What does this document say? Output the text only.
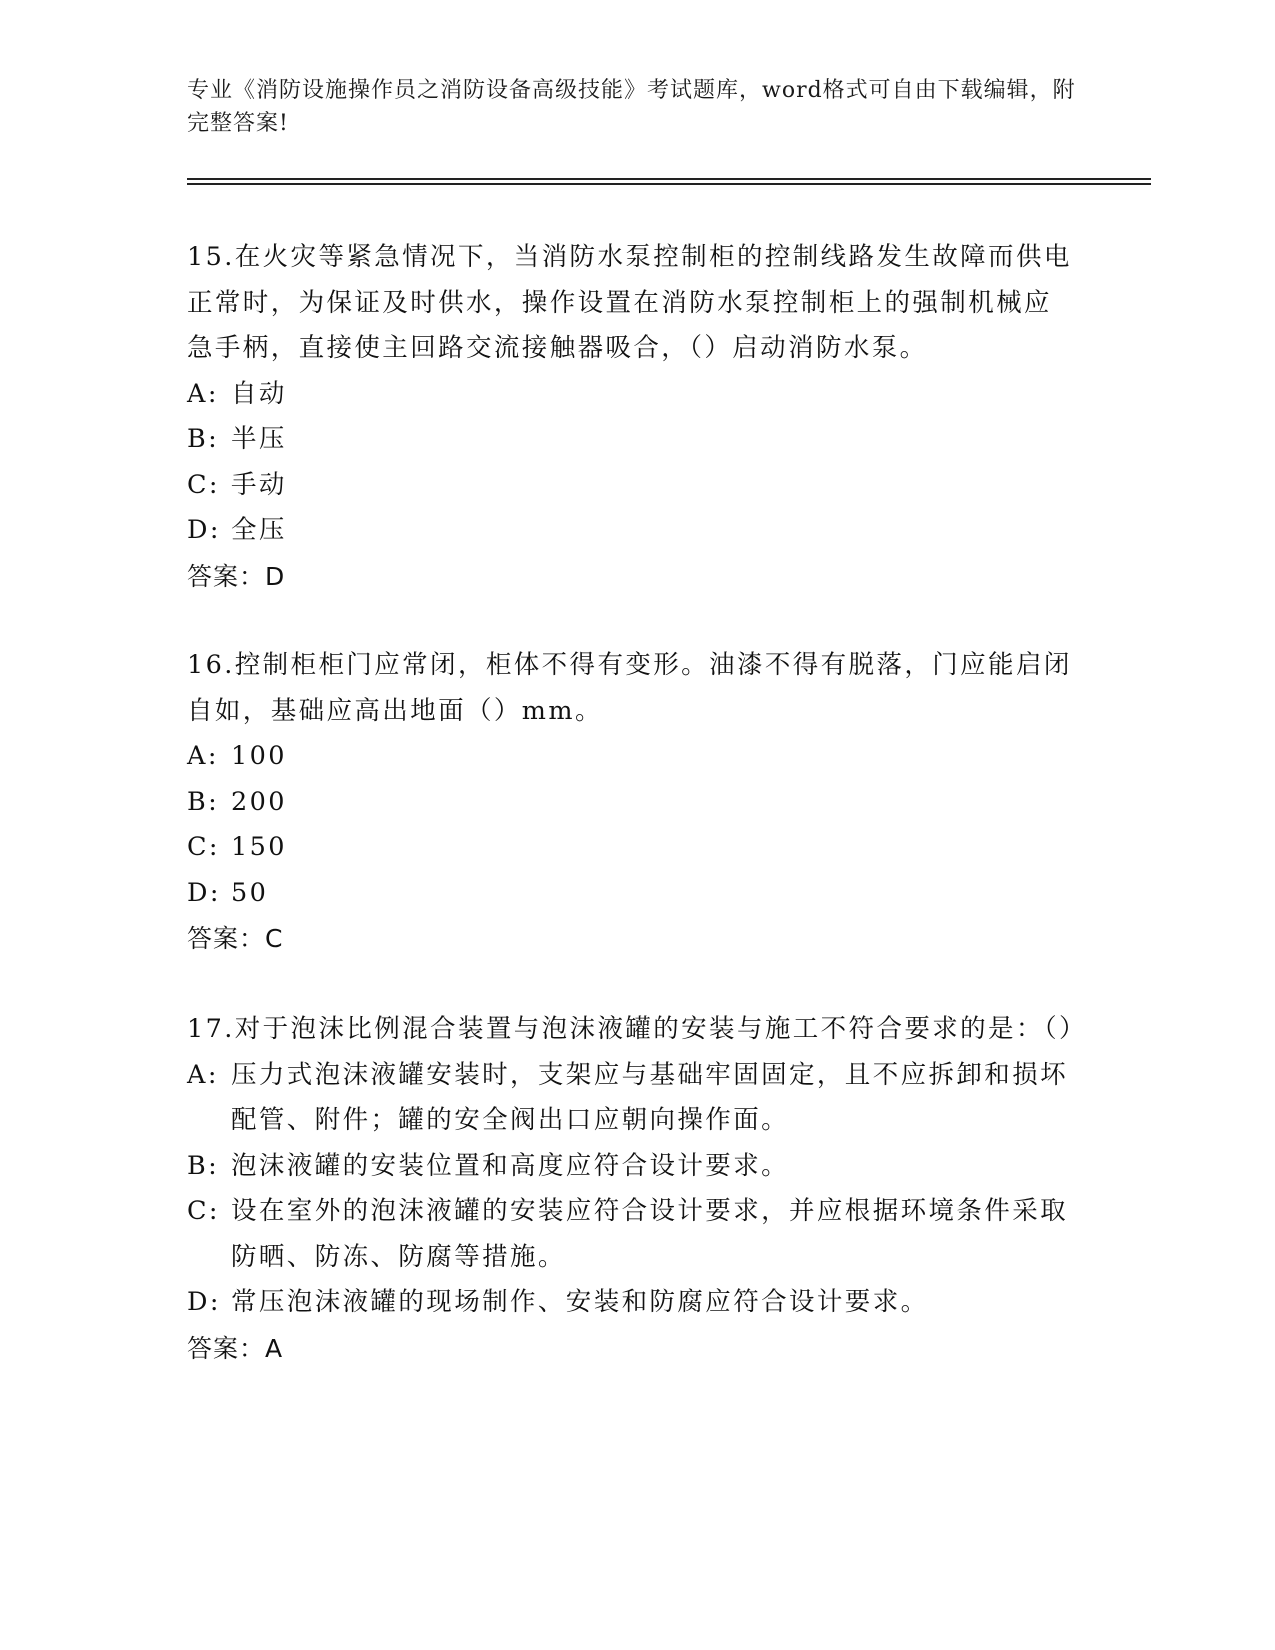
专业《消防设施操作员之消防设备高级技能》考试题库，word格式可自由下载编辑，附完整答案!

15.在火灾等紧急情况下，当消防水泵控制柜的控制线路发生故障而供电正常时，为保证及时供水，操作设置在消防水泵控制柜上的强制机械应急手柄，直接使主回路交流接触器吸合，（）启动消防水泵。

A: 自动

B: 半压

C: 手动

D: 全压

答案：D

16.控制柜柜门应常闭，柜体不得有变形。油漆不得有脱落，门应能启闭自如，基础应高出地面（）mm。

A: 100

B: 200

C: 150

D: 50

答案：C

17.对于泡沫比例混合装置与泡沫液罐的安装与施工不符合要求的是：（）

A: 压力式泡沫液罐安装时，支架应与基础牢固固定，且不应拆卸和损坏配管、附件；罐的安全阀出口应朝向操作面。

B: 泡沫液罐的安装位置和高度应符合设计要求。

C: 设在室外的泡沫液罐的安装应符合设计要求，并应根据环境条件采取防晒、防冻、防腐等措施。

D: 常压泡沫液罐的现场制作、安装和防腐应符合设计要求。

答案：A
